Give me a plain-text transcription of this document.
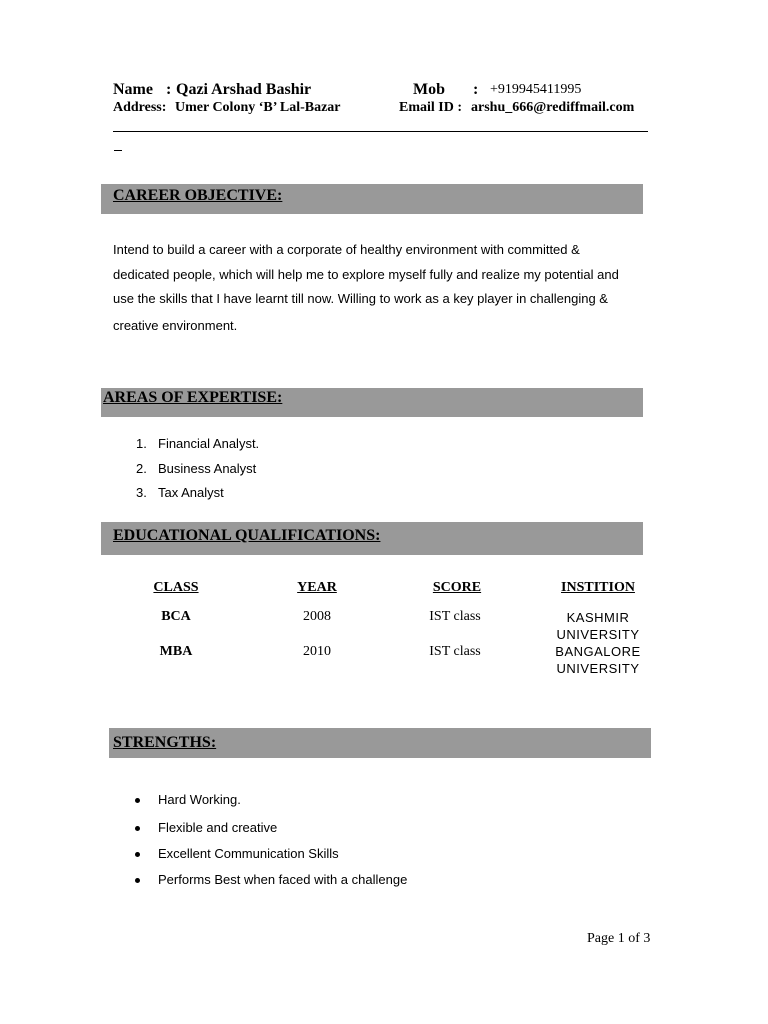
Name : Qazi Arshad Bashir	Mob : +919945411995
Address: Umer Colony ‘B’ Lal-Bazar	Email ID : arshu_666@rediffmail.com
CAREER OBJECTIVE:

Intend to build a career with a corporate of healthy environment with committed &

dedicated people, which will help me to explore myself fully and realize my potential and

use the skills that I have learnt till now. Willing to work as a key player in challenging &

creative environment.

AREAS OF EXPERTISE:
1. Financial Analyst.
2. Business Analyst
3. Tax Analyst
EDUCATIONAL QUALIFICATIONS:
CLASS	YEAR	SCORE	INSTITION
BCA	2008	IST class	KASHMIR
UNIVERSITY
MBA	2010	IST class	BANGALORE
UNIVERSITY
STRENGTHS:
Hard Working.
Flexible and creative
Excellent Communication Skills
Performs Best when faced with a challenge
Page 1 of 3
